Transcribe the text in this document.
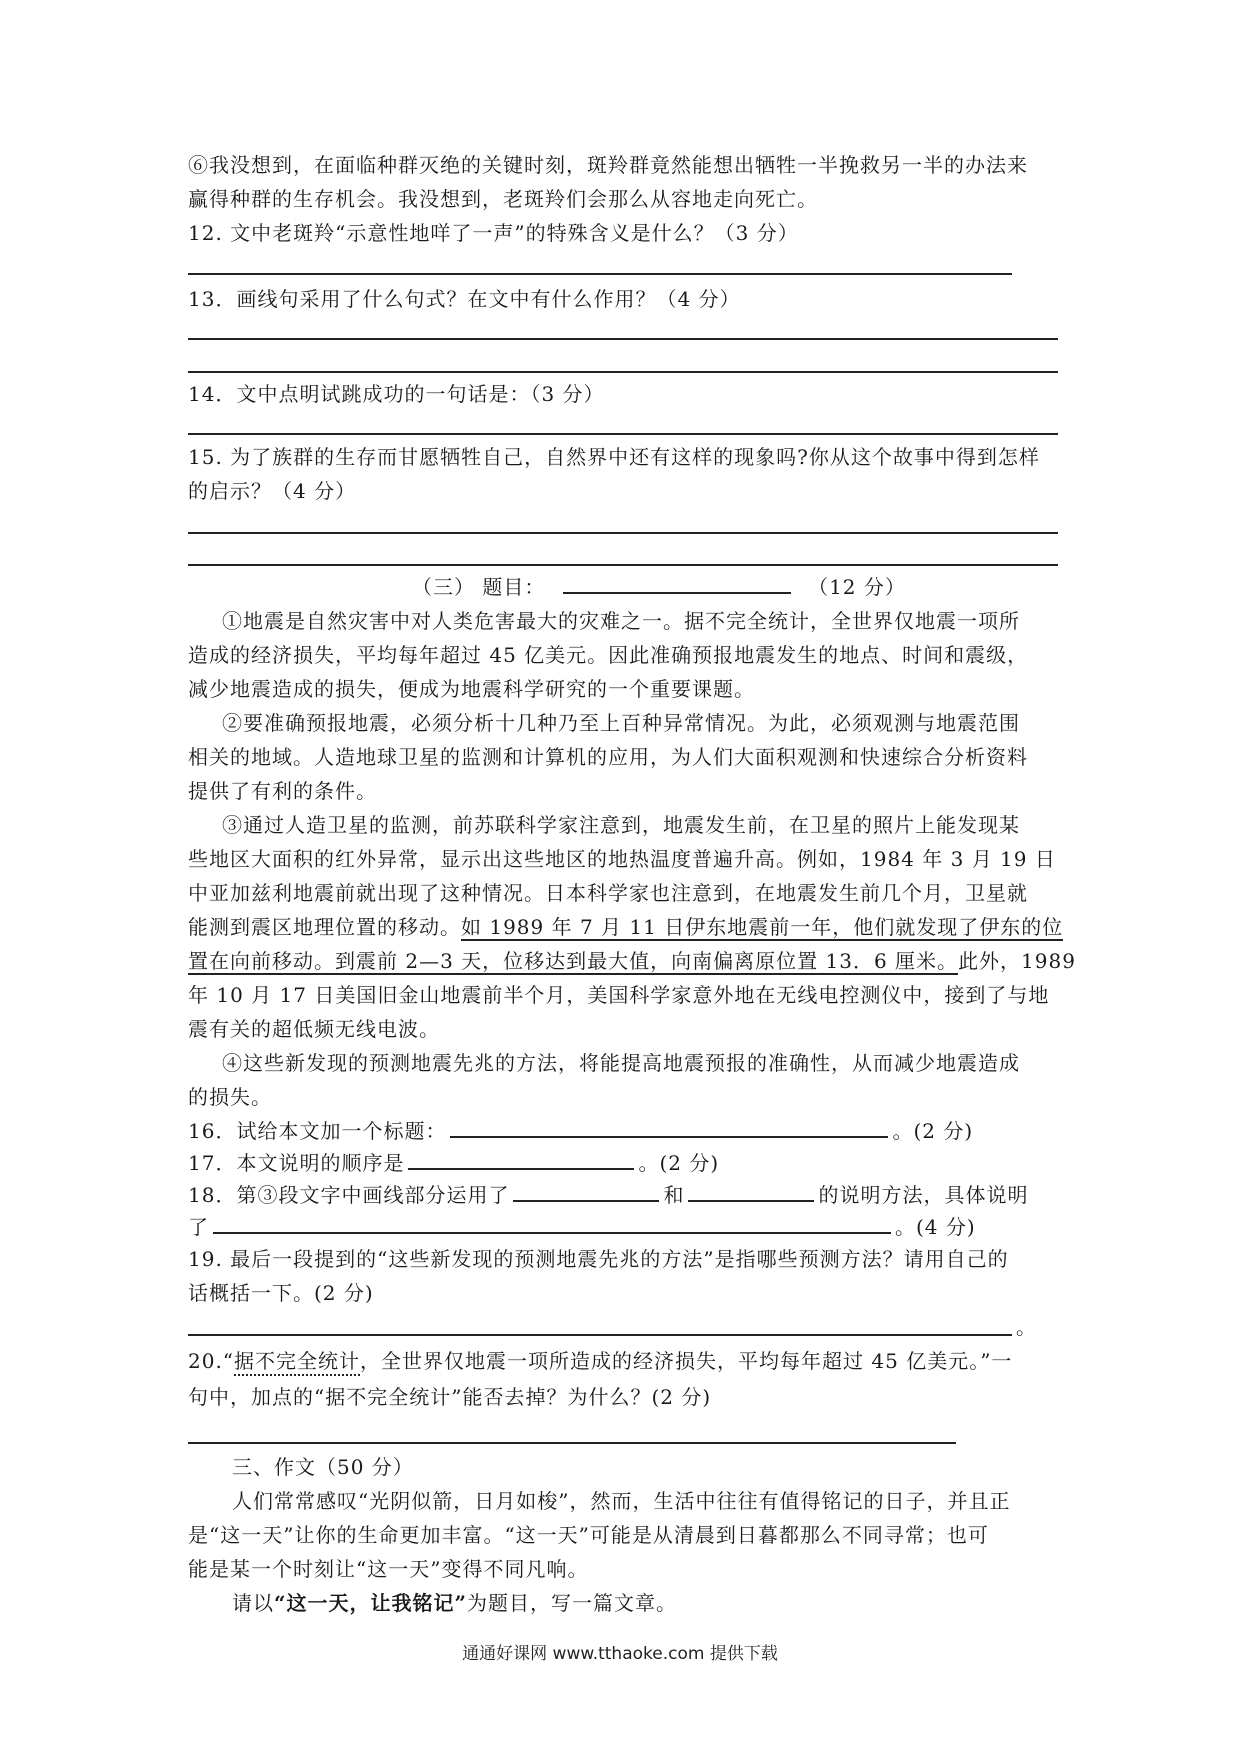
⑥我没想到，在面临种群灭绝的关键时刻，斑羚群竟然能想出牺牲一半挽救另一半的办法来
赢得种群的生存机会。我没想到，老斑羚们会那么从容地走向死亡。
12. 文中老斑羚“示意性地咩了一声”的特殊含义是什么？（3 分）
13．画线句采用了什么句式？在文中有什么作用？（4 分）
14．文中点明试跳成功的一句话是：（3 分）
15. 为了族群的生存而甘愿牺牲自己，自然界中还有这样的现象吗?你从这个故事中得到怎样
的启示？（4 分）
（三） 题目：	（12 分）
①地震是自然灾害中对人类危害最大的灾难之一。据不完全统计，全世界仅地震一项所
造成的经济损失，平均每年超过 45 亿美元。因此准确预报地震发生的地点、时间和震级，
减少地震造成的损失，便成为地震科学研究的一个重要课题。
②要准确预报地震，必须分析十几种乃至上百种异常情况。为此，必须观测与地震范围
相关的地域。人造地球卫星的监测和计算机的应用，为人们大面积观测和快速综合分析资料
提供了有利的条件。
③通过人造卫星的监测，前苏联科学家注意到，地震发生前，在卫星的照片上能发现某
些地区大面积的红外异常，显示出这些地区的地热温度普遍升高。例如，1984 年 3 月 19 日
中亚加兹利地震前就出现了这种情况。日本科学家也注意到，在地震发生前几个月，卫星就
能测到震区地理位置的移动。如 1989 年 7 月 11 日伊东地震前一年，他们就发现了伊东的位
置在向前移动。到震前 2—3 天，位移达到最大值，向南偏离原位置 13．6 厘米。此外，1989
年 10 月 17 日美国旧金山地震前半个月，美国科学家意外地在无线电控测仪中，接到了与地
震有关的超低频无线电波。
④这些新发现的预测地震先兆的方法，将能提高地震预报的准确性，从而减少地震造成
的损失。
16．试给本文加一个标题：	。(2 分)
17．本文说明的顺序是	。(2 分)
18．第③段文字中画线部分运用了	和	的说明方法，具体说明
了	。(4 分)
19. 最后一段提到的“这些新发现的预测地震先兆的方法”是指哪些预测方法？请用自己的
话概括一下。(2 分)
。
20.“据不完全统计，全世界仅地震一项所造成的经济损失，平均每年超过 45 亿美元。”一
句中，加点的“据不完全统计”能否去掉？为什么？(2 分)
三、作文（50 分）
人们常常感叹“光阴似箭，日月如梭”，然而，生活中往往有值得铭记的日子，并且正
是“这一天”让你的生命更加丰富。“这一天”可能是从清晨到日暮都那么不同寻常；也可
能是某一个时刻让“这一天”变得不同凡响。
请以“这一天，让我铭记”为题目，写一篇文章。
通通好课网 www.tthaoke.com 提供下载
